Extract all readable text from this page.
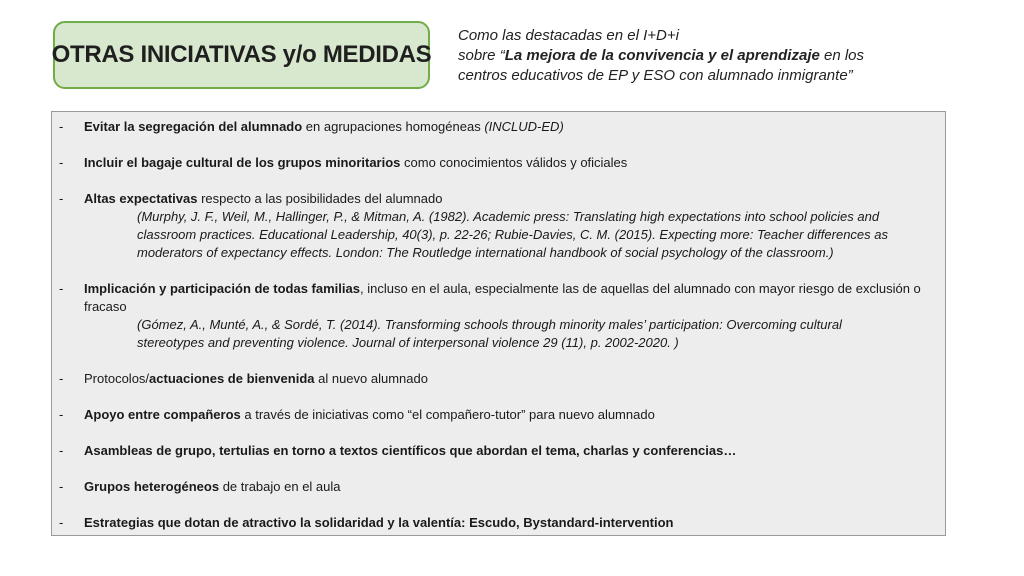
OTRAS INICIATIVAS y/o MEDIDAS
Como las destacadas en el I+D+i
sobre “La mejora de la convivencia y el aprendizaje en los
centros educativos de EP y ESO con alumnado inmigrante”
-	Evitar la segregación del alumnado en agrupaciones homogéneas (INCLUD-ED)
-	Incluir el bagaje cultural de los grupos minoritarios como conocimientos válidos y oficiales
-	Altas expectativas respecto a las posibilidades del alumnado
(Murphy, J. F., Weil, M., Hallinger, P., & Mitman, A. (1982). Academic press: Translating high expectations into school policies and
classroom practices. Educational Leadership, 40(3), p. 22-26; Rubie-Davies, C. M. (2015). Expecting more: Teacher differences as
moderators of expectancy effects. London: The Routledge international handbook of social psychology of the classroom.)
-	Implicación y participación de todas familias, incluso en el aula, especialmente las de aquellas del alumnado con mayor riesgo de exclusión o fracaso
(Gómez, A., Munté, A., & Sordé, T. (2014). Transforming schools through minority males’ participation: Overcoming cultural
stereotypes and preventing violence. Journal of interpersonal violence 29 (11), p. 2002-2020. )
-	Protocolos/actuaciones de bienvenida al nuevo alumnado
-	Apoyo entre compañeros a través de iniciativas como “el compañero-tutor” para nuevo alumnado
-	Asambleas de grupo, tertulias en torno a textos científicos que abordan el tema, charlas y conferencias…
-	Grupos heterogéneos de trabajo en el aula
-	Estrategias que dotan de atractivo la solidaridad y la valentía: Escudo, Bystandard-intervention
